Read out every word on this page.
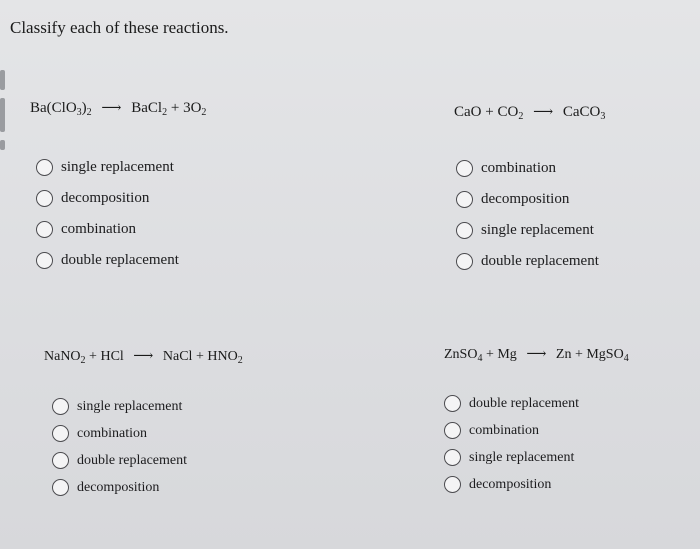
Classify each of these reactions.
$Ba(ClO_3)_2$ ⟶ BaCl$_2$ + $3O_2$
single replacement
decomposition
combination
double replacement
CaO + $CO_2$ ⟶ CaCO$_3$
combination
decomposition
single replacement
double replacement
NaNO$_2$ + HCl ⟶ NaCl + $HNO_2$
single replacement
combination
double replacement
decomposition
ZnSO$_4$ + Mg ⟶ Zn + MgSO$_4$
double replacement
combination
single replacement
decomposition
